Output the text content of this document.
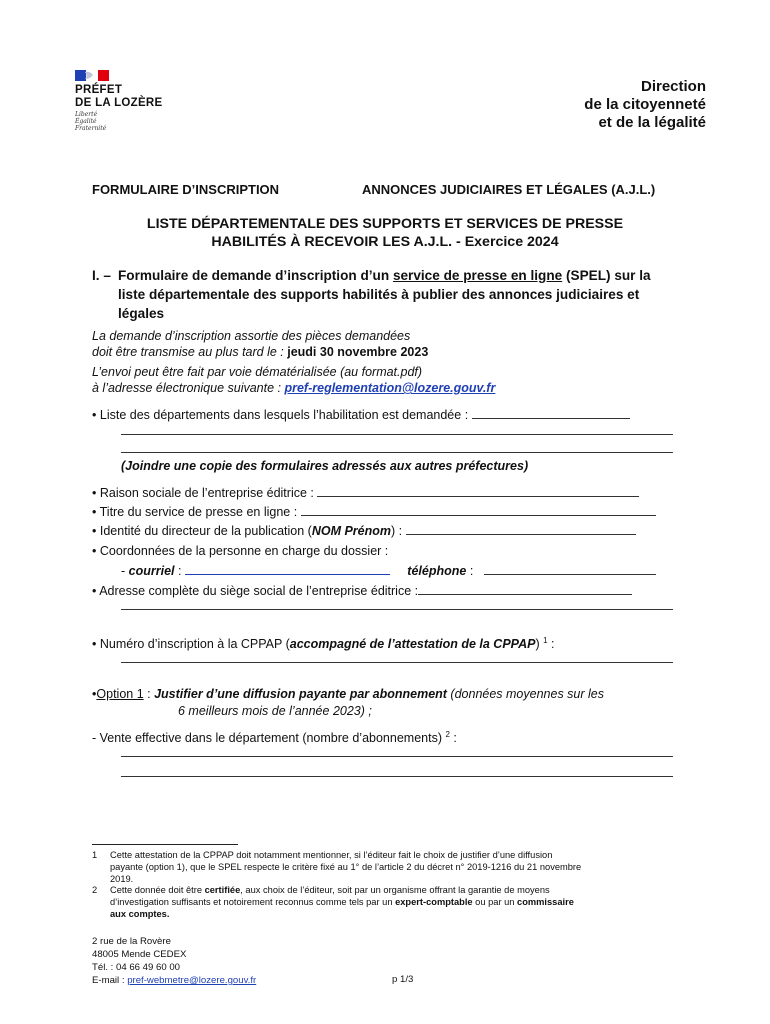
PRÉFET
DE LA LOZÈRE
Liberté
Égalité
Fraternité
Direction
de la citoyenneté
et de la légalité
FORMULAIRE D’INSCRIPTION	ANNONCES JUDICIAIRES ET LÉGALES (A.J.L.)
LISTE DÉPARTEMENTALE DES SUPPORTS ET SERVICES DE PRESSE
HABILITÉS À RECEVOIR LES A.J.L. - Exercice 2024
I. – Formulaire de demande d’inscription d’un service de presse en ligne (SPEL) sur la
liste départementale des supports habilités à publier des annonces judiciaires et
légales
La demande d’inscription assortie des pièces demandées
doit être transmise au plus tard le : jeudi 30 novembre 2023
L’envoi peut être fait par voie dématérialisée (au format.pdf)
à l’adresse électronique suivante : pref-reglementation@lozere.gouv.fr
• Liste des départements dans lesquels l’habilitation est demandée :
(Joindre une copie des formulaires adressés aux autres préfectures)
• Raison sociale de l’entreprise éditrice :
• Titre du service de presse en ligne :
• Identité du directeur de la publication (NOM Prénom) :
• Coordonnées de la personne en charge du dossier :
- courriel :	téléphone :
• Adresse complète du siège social de l’entreprise éditrice :
• Numéro d’inscription à la CPPAP (accompagné de l’attestation de la CPPAP) $^1$ :
•Option 1 : Justifier d’une diffusion payante par abonnement (données moyennes sur les
6 meilleurs mois de l’année 2023) ;
- Vente effective dans le département (nombre d’abonnements) $^2$ :
1	Cette attestation de la CPPAP doit notamment mentionner, si l’éditeur fait le choix de justifier d’une diffusion
payante (option 1), que le SPEL respecte le critère fixé au 1° de l’article 2 du décret n° 2019-1216 du 21 novembre
2019.
2	Cette donnée doit être certifiée, aux choix de l’éditeur, soit par un organisme offrant la garantie de moyens
d’investigation suffisants et notoirement reconnus comme tels par un expert-comptable ou par un commissaire
aux comptes.
2 rue de la Rovère
48005 Mende CEDEX
Tél. : 04 66 49 60 00
E-mail : pref-webmetre@lozere.gouv.fr	p 1/3
